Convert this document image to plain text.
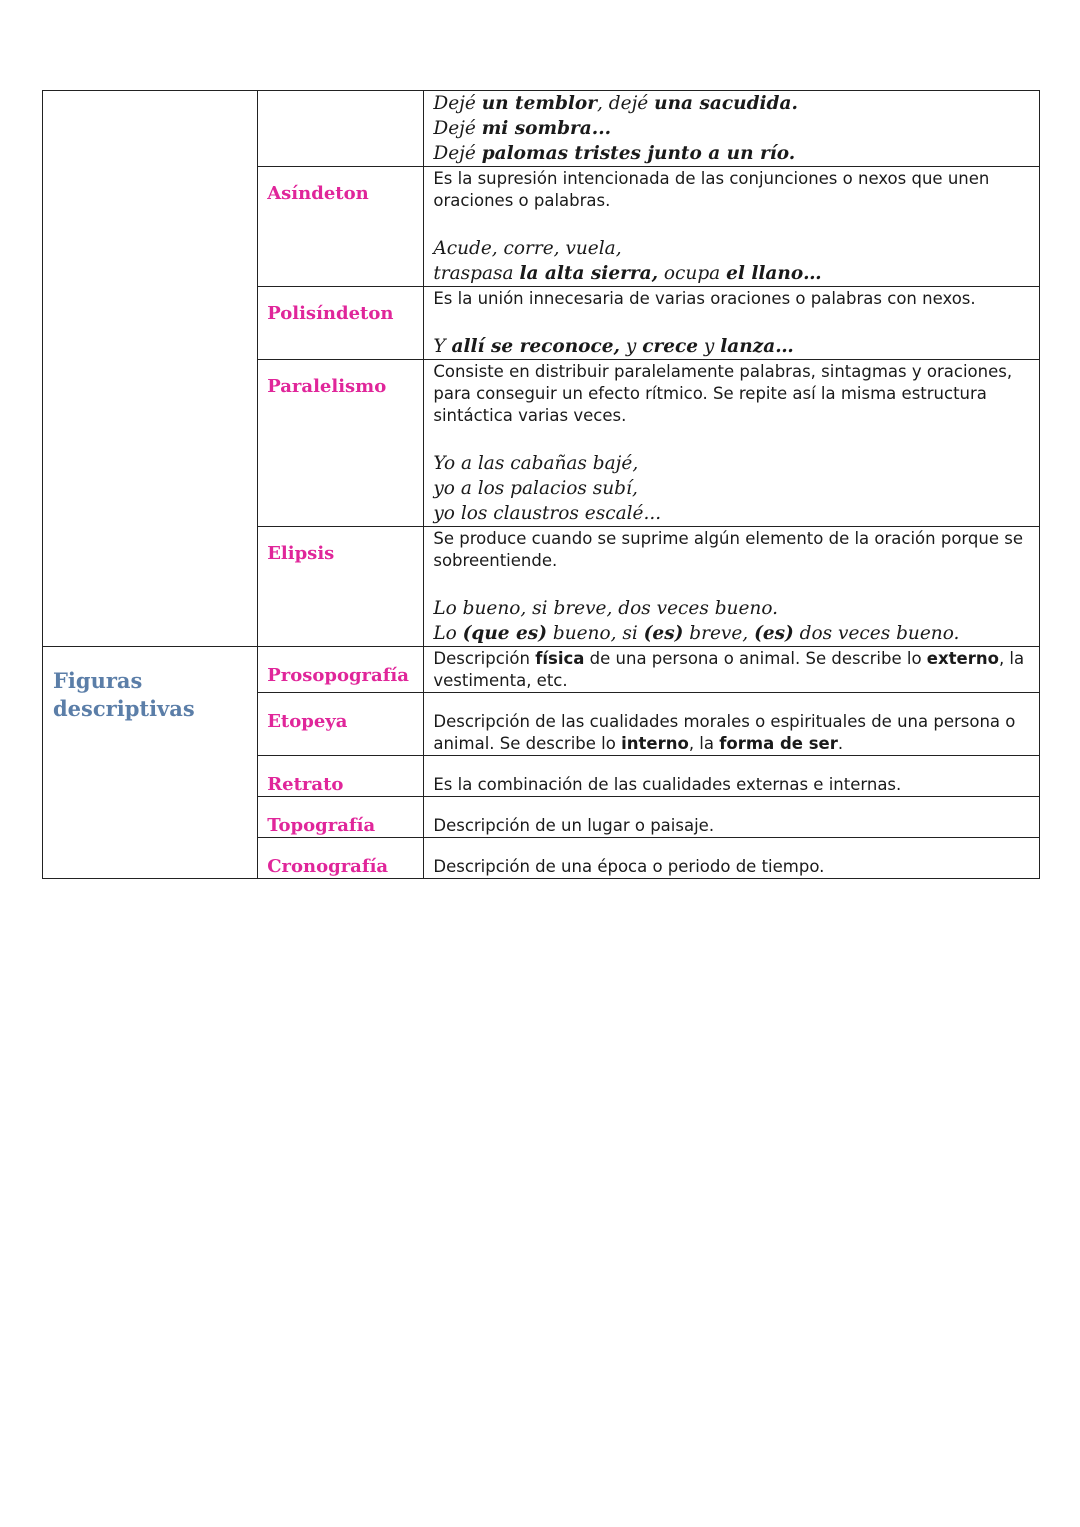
		Dejé un temblor, dejé una sacudida.
Dejé mi sombra...
Dejé palomas tristes junto a un río.

	Asíndeton	Es la supresión intencionada de las conjunciones o nexos que unen oraciones o palabras.
Acude, corre, vuela,
traspasa la alta sierra, ocupa el llano…

	Polisíndeton	Es la unión innecesaria de varias oraciones o palabras con nexos.
Y allí se reconoce, y crece y lanza…

	Paralelismo	Consiste en distribuir paralelamente palabras, sintagmas y oraciones, para conseguir un efecto rítmico. Se repite así la misma estructura sintáctica varias veces.
Yo a las cabañas bajé,
yo a los palacios subí,
yo los claustros escalé...

	Elipsis	Se produce cuando se suprime algún elemento de la oración porque se sobreentiende.
Lo bueno, si breve, dos veces bueno.
Lo (que es) bueno, si (es) breve, (es) dos veces bueno.

Figuras descriptivas	Prosopografía	Descripción física de una persona o animal. Se describe lo externo, la vestimenta, etc.

	Etopeya	Descripción de las cualidades morales o espirituales de una persona o animal. Se describe lo interno, la forma de ser.

	Retrato	Es la combinación de las cualidades externas e internas.

	Topografía	Descripción de un lugar o paisaje.

	Cronografía	Descripción de una época o periodo de tiempo.
